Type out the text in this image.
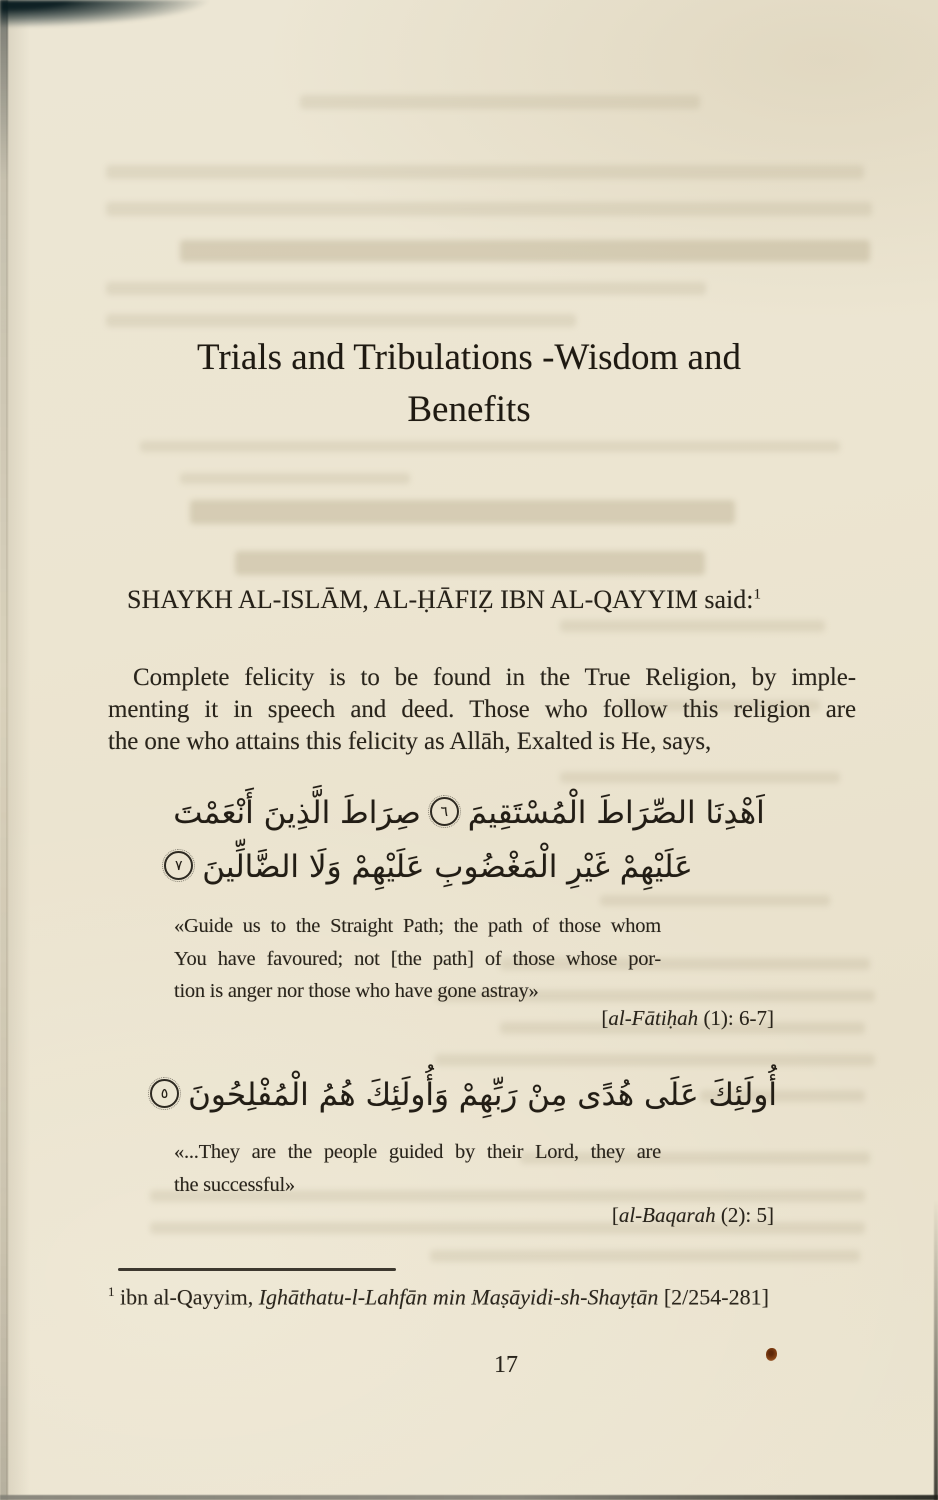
Trials and Tribulations -Wisdom and
Benefits
SHAYKH AL-ISLĀM, AL-ḤĀFIẒ IBN AL-QAYYIM said:$^1$
Complete felicity is to be found in the True Religion, by imple-
menting it in speech and deed. Those who follow this religion are
the one who attains this felicity as Allāh, Exalted is He, says,
اَهْدِنَا الصِّرَاطَ الْمُسْتَقِيمَ
٦
صِرَاطَ الَّذِينَ أَنْعَمْتَ
عَلَيْهِمْ غَيْرِ الْمَغْضُوبِ عَلَيْهِمْ وَلَا الضَّالِّينَ
٧
«Guide us to the Straight Path; the path of those whom
You have favoured; not [the path] of those whose por-
tion is anger nor those who have gone astray»
[al-Fātiḥah (1): 6-7]
أُولَئِكَ عَلَى هُدًى مِنْ رَبِّهِمْ وَأُولَئِكَ هُمُ الْمُفْلِحُونَ
٥
«...They are the people guided by their Lord, they are
the successful»
[al-Baqarah (2): 5]
$^1$ ibn al-Qayyim, Ighāthatu-l-Lahfān min Maṣāyidi-sh-Shayṭān [2/254-281]
17
